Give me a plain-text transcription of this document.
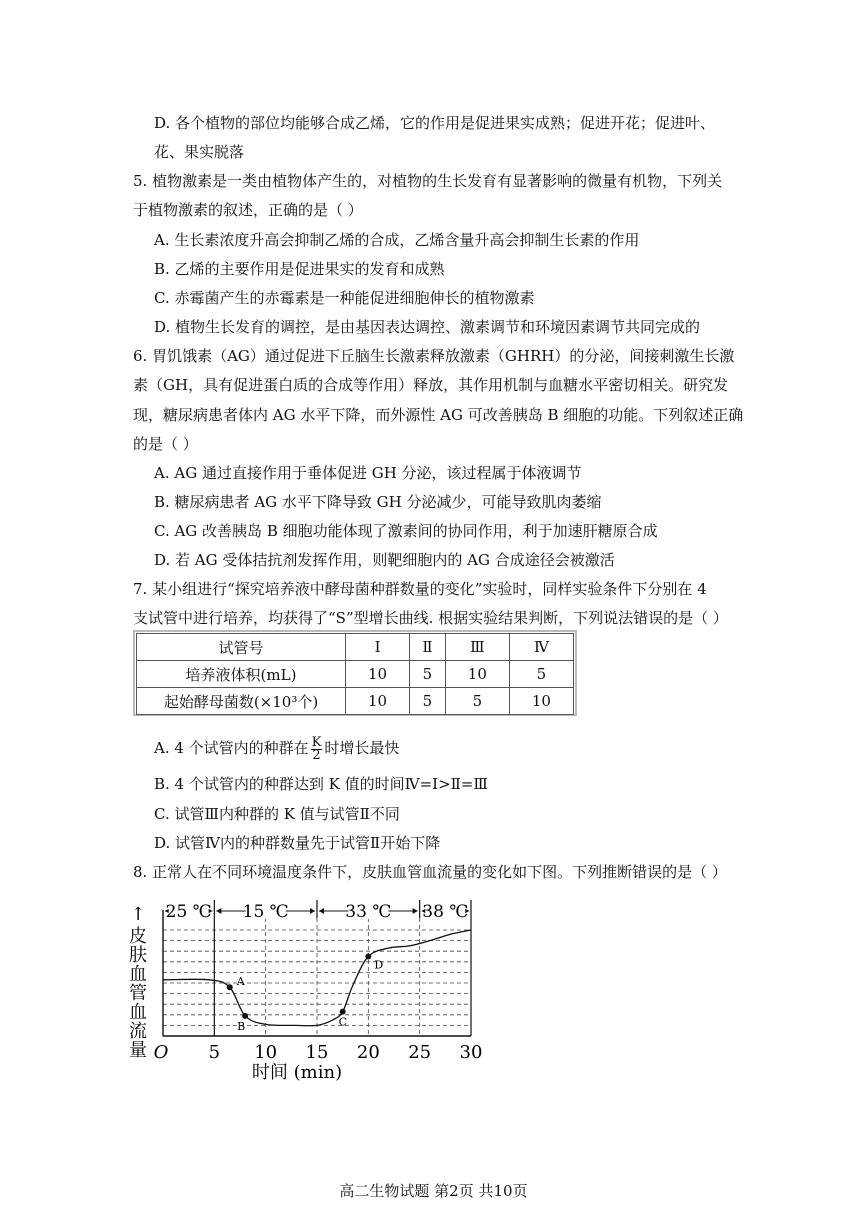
D. 各个植物的部位均能够合成乙烯，它的作用是促进果实成熟；促进开花；促进叶、
花、果实脱落
5. 植物激素是一类由植物体产生的，对植物的生长发育有显著影响的微量有机物，下列关
于植物激素的叙述，正确的是（ ）
A. 生长素浓度升高会抑制乙烯的合成，乙烯含量升高会抑制生长素的作用
B. 乙烯的主要作用是促进果实的发育和成熟
C. 赤霉菌产生的赤霉素是一种能促进细胞伸长的植物激素
D. 植物生长发育的调控，是由基因表达调控、激素调节和环境因素调节共同完成的
6. 胃饥饿素（AG）通过促进下丘脑生长激素释放激素（GHRH）的分泌，间接刺激生长激
素（GH，具有促进蛋白质的合成等作用）释放，其作用机制与血糖水平密切相关。研究发
现，糖尿病患者体内 AG 水平下降，而外源性 AG 可改善胰岛 B 细胞的功能。下列叙述正确
的是（ ）
A. AG 通过直接作用于垂体促进 GH 分泌，该过程属于体液调节
B. 糖尿病患者 AG 水平下降导致 GH 分泌减少，可能导致肌肉萎缩
C. AG 改善胰岛 B 细胞功能体现了激素间的协同作用，利于加速肝糖原合成
D. 若 AG 受体拮抗剂发挥作用，则靶细胞内的 AG 合成途径会被激活
7. 某小组进行“探究培养液中酵母菌种群数量的变化”实验时，同样实验条件下分别在 4
支试管中进行培养，均获得了“S”型增长曲线. 根据实验结果判断，下列说法错误的是（ ）
试管号	Ⅰ	Ⅱ	Ⅲ	Ⅳ
培养液体积(mL)	10	5	10	5
起始酵母菌数(×10³个)	10	5	5	10
A. 4 个试管内的种群在 $\frac{K}{2}$ 时增长最快
B. 4 个试管内的种群达到 K 值的时间Ⅳ=Ⅰ>Ⅱ=Ⅲ
C. 试管Ⅲ内种群的 K 值与试管Ⅱ不同
D. 试管Ⅳ内的种群数量先于试管Ⅱ开始下降
8. 正常人在不同环境温度条件下，皮肤血管血流量的变化如下图。下列推断错误的是（ ）
25 ℃ 15 ℃	33 ℃ 38 ℃
↑
皮
肤
血
管
血
流
量 O 5 10 15 20 25 30
时间 (min)
A
B	C
D
高二生物试题 第2页 共10页
